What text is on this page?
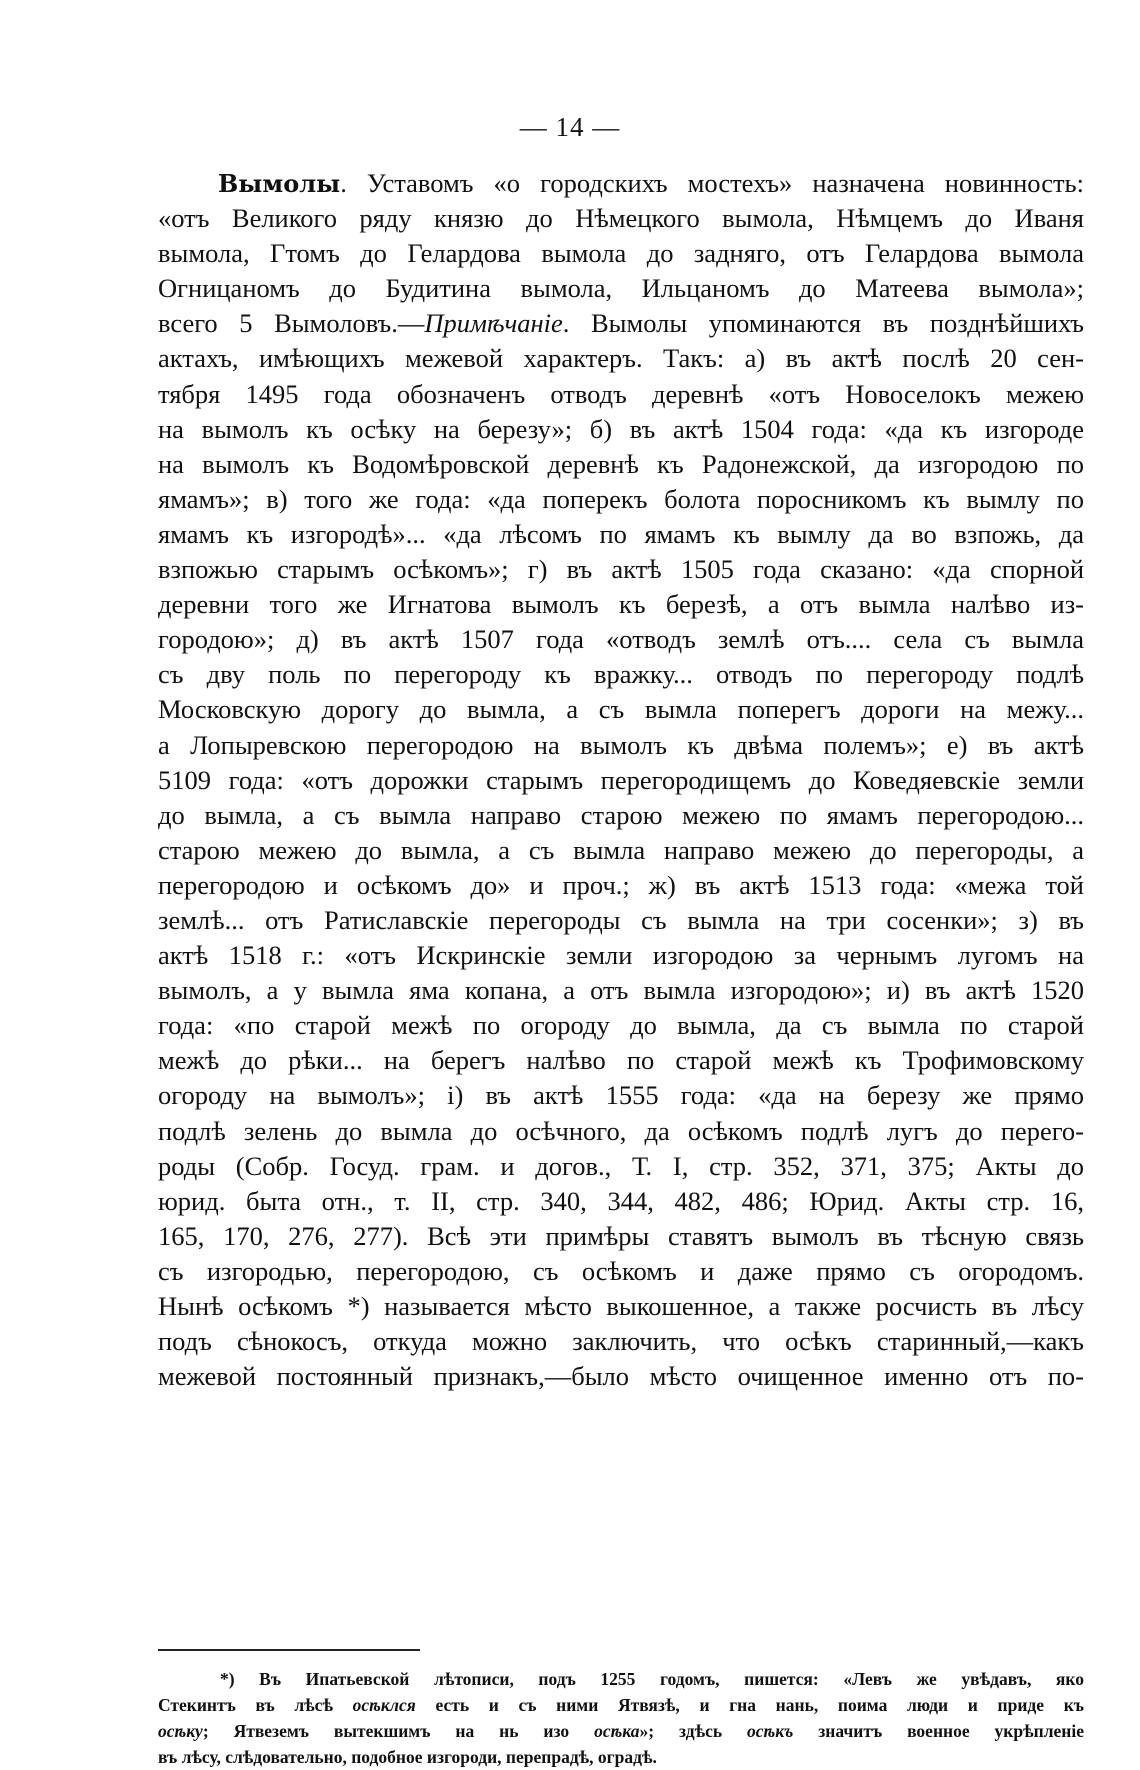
— 14 —
Вымолы. Уставомъ «о городскихъ мостехъ» назначена новинность:
«отъ Великого ряду князю до Нѣмецкого вымола, Нѣмцемъ до Иваня
вымола, Гтомъ до Гелардова вымола до задняго, отъ Гелардова вымола
Огницаномъ до Будитина вымола, Ильцаномъ до Матеева вымола»;
всего 5 Вымоловъ.—Примѣчаніе. Вымолы упоминаются въ позднѣйшихъ
актахъ, имѣющихъ межевой характеръ. Такъ: а) въ актѣ послѣ 20 сен-
тября 1495 года обозначенъ отводъ деревнѣ «отъ Новоселокъ межею
на вымолъ къ осѣку на березу»; б) въ актѣ 1504 года: «да къ изгороде
на вымолъ къ Водомѣровской деревнѣ къ Радонежской, да изгородою по
ямамъ»; в) того же года: «да поперекъ болота поросникомъ къ вымлу по
ямамъ къ изгородѣ»... «да лѣсомъ по ямамъ къ вымлу да во взпожь, да
взпожью старымъ осѣкомъ»; г) въ актѣ 1505 года сказано: «да спорной
деревни того же Игнатова вымолъ къ березѣ, а отъ вымла налѣво из-
городою»; д) въ актѣ 1507 года «отводъ землѣ отъ.... села съ вымла
съ дву поль по перегороду къ вражку... отводъ по перегороду подлѣ
Московскую дорогу до вымла, а съ вымла поперегъ дороги на межу...
а Лопыревскою перегородою на вымолъ къ двѣма полемъ»; е) въ актѣ
5109 года: «отъ дорожки старымъ перегородищемъ до Коведяевскіе земли
до вымла, а съ вымла направо старою межею по ямамъ перегородою...
старою межею до вымла, а съ вымла направо межею до перегороды, а
перегородою и осѣкомъ до» и проч.; ж) въ актѣ 1513 года: «межа той
землѣ... отъ Ратиславскіе перегороды съ вымла на три сосенки»; з) въ
актѣ 1518 г.: «отъ Искринскіе земли изгородою за чернымъ лугомъ на
вымолъ, а у вымла яма копана, а отъ вымла изгородою»; и) въ актѣ 1520
года: «по старой межѣ по огороду до вымла, да съ вымла по старой
межѣ до рѣки... на берегъ налѣво по старой межѣ къ Трофимовскому
огороду на вымолъ»; і) въ актѣ 1555 года: «да на березу же прямо
подлѣ зелень до вымла до осѣчного, да осѣкомъ подлѣ лугъ до перего-
роды (Собр. Госуд. грам. и догов., Т. I, стр. 352, 371, 375; Акты до
юрид. быта отн., т. II, стр. 340, 344, 482, 486; Юрид. Акты стр. 16,
165, 170, 276, 277). Всѣ эти примѣры ставятъ вымолъ въ тѣсную связь
съ изгородью, перегородою, съ осѣкомъ и даже прямо съ огородомъ.
Нынѣ осѣкомъ *) называется мѣсто выкошенное, а также росчисть въ лѣсу
подъ сѣнокосъ, откуда можно заключить, что осѣкъ старинный,—какъ
межевой постоянный признакъ,—было мѣсто очищенное именно отъ по-
*) Въ Ипатьевской лѣтописи, подъ 1255 годомъ, пишется: «Левъ же увѣдавъ, яко
Стекинтъ въ лѣсѣ осѣклся есть и съ ними Ятвязѣ, и гна нань, поима люди и приде къ
осѣку; Ятвеземъ вытекшимъ на нь изо осѣка»; здѣсь осѣкъ значитъ военное укрѣпленіе
въ лѣсу, слѣдовательно, подобное изгороди, перепрадѣ, оградѣ.
